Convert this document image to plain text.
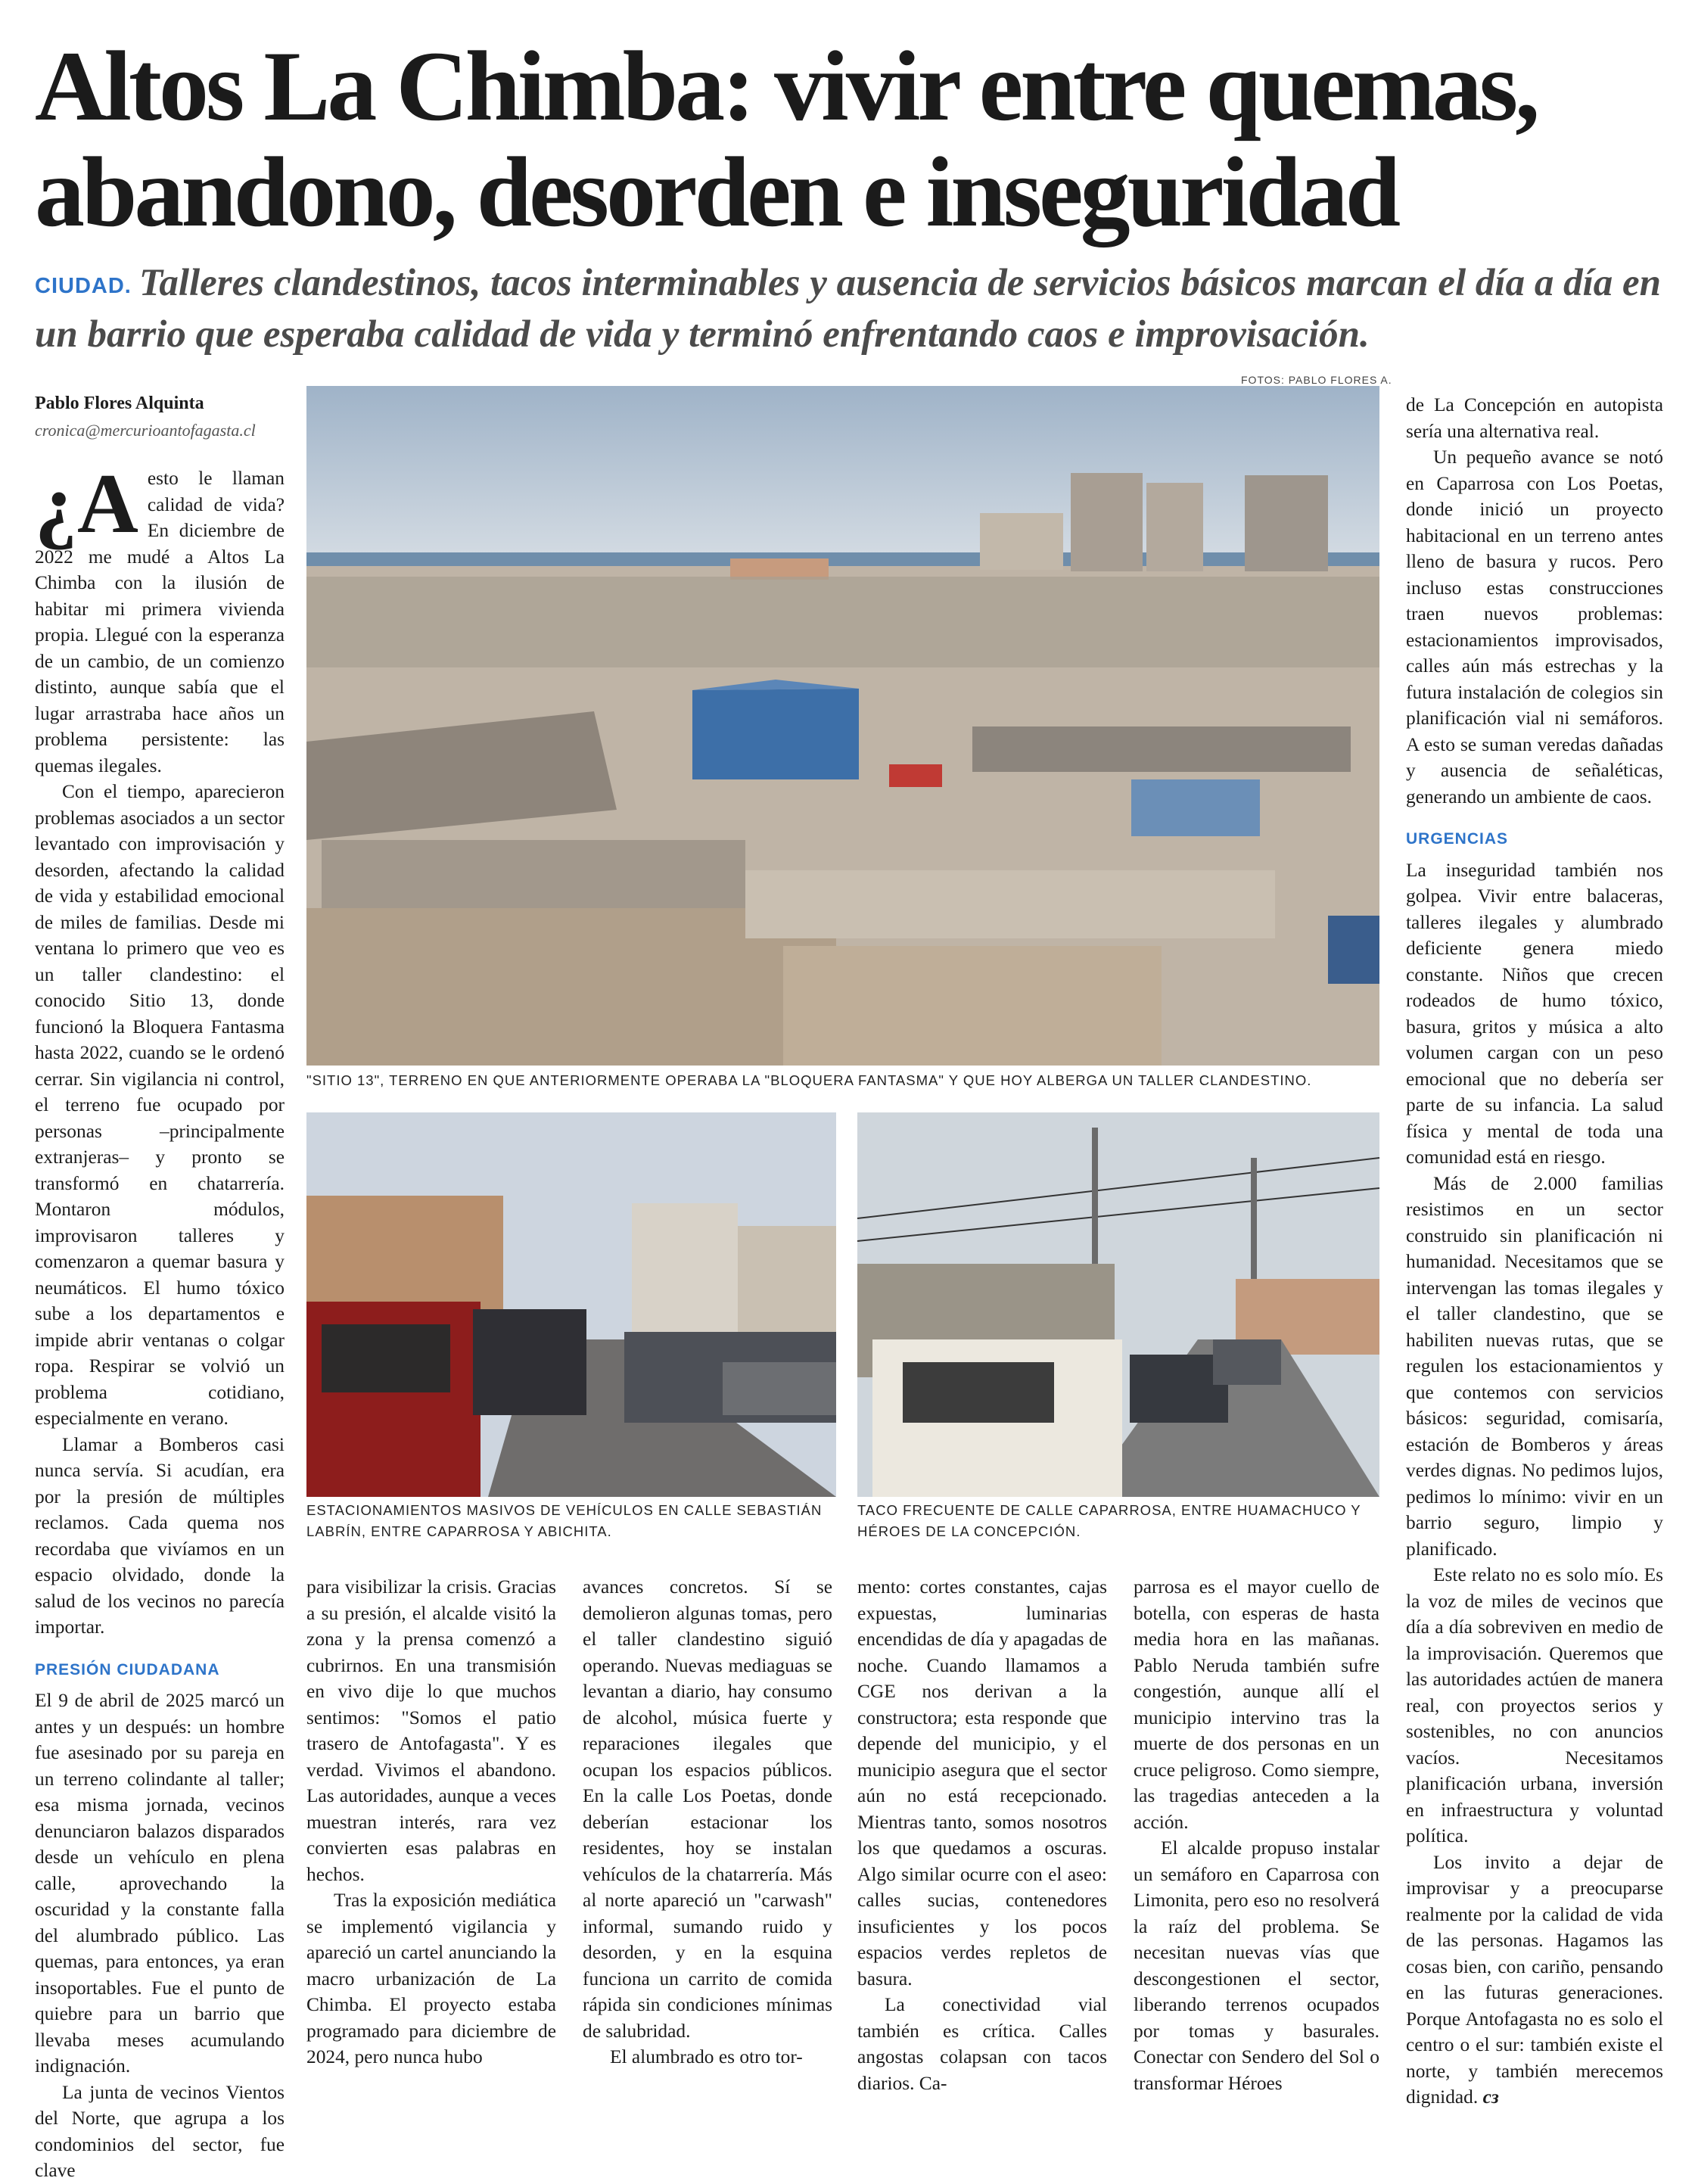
Altos La Chimba: vivir entre quemas, abandono, desorden e inseguridad
CIUDAD. Talleres clandestinos, tacos interminables y ausencia de servicios básicos marcan el día a día en un barrio que esperaba calidad de vida y terminó enfrentando caos e improvisación.
Pablo Flores Alquinta
cronica@mercurioantofagasta.cl
FOTOS: PABLO FLORES A.
"SITIO 13", TERRENO EN QUE ANTERIORMENTE OPERABA LA "BLOQUERA FANTASMA" Y QUE HOY ALBERGA UN TALLER CLANDESTINO.
ESTACIONAMIENTOS MASIVOS DE VEHÍCULOS EN CALLE SEBASTIÁN LABRÍN, ENTRE CAPARROSA Y ABICHITA.
TACO FRECUENTE DE CALLE CAPARROSA, ENTRE HUAMACHUCO Y HÉROES DE LA CONCEPCIÓN.

¿A esto le llaman calidad de vida? En diciembre de 2022 me mudé a Altos La Chimba con la ilusión de habitar mi primera vivienda propia. Llegué con la esperanza de un cambio, de un comienzo distinto, aunque sabía que el lugar arrastraba hace años un problema persistente: las quemas ilegales.

Con el tiempo, aparecieron problemas asociados a un sector levantado con improvisación y desorden, afectando la calidad de vida y estabilidad emocional de miles de familias. Desde mi ventana lo primero que veo es un taller clandestino: el conocido Sitio 13, donde funcionó la Bloquera Fantasma hasta 2022, cuando se le ordenó cerrar. Sin vigilancia ni control, el terreno fue ocupado por personas –principalmente extranjeras– y pronto se transformó en chatarrería. Montaron módulos, improvisaron talleres y comenzaron a quemar basura y neumáticos. El humo tóxico sube a los departamentos e impide abrir ventanas o colgar ropa. Respirar se volvió un problema cotidiano, especialmente en verano.

Llamar a Bomberos casi nunca servía. Si acudían, era por la presión de múltiples reclamos. Cada quema nos recordaba que vivíamos en un espacio olvidado, donde la salud de los vecinos no parecía importar.

PRESIÓN CIUDADANA

El 9 de abril de 2025 marcó un antes y un después: un hombre fue asesinado por su pareja en un terreno colindante al taller; esa misma jornada, vecinos denunciaron balazos disparados desde un vehículo en plena calle, aprovechando la oscuridad y la constante falla del alumbrado público. Las quemas, para entonces, ya eran insoportables. Fue el punto de quiebre para un barrio que llevaba meses acumulando indignación.

La junta de vecinos Vientos del Norte, que agrupa a los condominios del sector, fue clave

para visibilizar la crisis. Gracias a su presión, el alcalde visitó la zona y la prensa comenzó a cubrirnos. En una transmisión en vivo dije lo que muchos sentimos: "Somos el patio trasero de Antofagasta". Y es verdad. Vivimos el abandono. Las autoridades, aunque a veces muestran interés, rara vez convierten esas palabras en hechos.

Tras la exposición mediática se implementó vigilancia y apareció un cartel anunciando la macro urbanización de La Chimba. El proyecto estaba programado para diciembre de 2024, pero nunca hubo

avances concretos. Sí se demolieron algunas tomas, pero el taller clandestino siguió operando. Nuevas mediaguas se levantan a diario, hay consumo de alcohol, música fuerte y reparaciones ilegales que ocupan los espacios públicos. En la calle Los Poetas, donde deberían estacionar los residentes, hoy se instalan vehículos de la chatarrería. Más al norte apareció un "carwash" informal, sumando ruido y desorden, y en la esquina funciona un carrito de comida rápida sin condiciones mínimas de salubridad.

El alumbrado es otro tor-

mento: cortes constantes, cajas expuestas, luminarias encendidas de día y apagadas de noche. Cuando llamamos a CGE nos derivan a la constructora; esta responde que depende del municipio, y el municipio asegura que el sector aún no está recepcionado. Mientras tanto, somos nosotros los que quedamos a oscuras. Algo similar ocurre con el aseo: calles sucias, contenedores insuficientes y los pocos espacios verdes repletos de basura.

La conectividad vial también es crítica. Calles angostas colapsan con tacos diarios. Ca-

parrosa es el mayor cuello de botella, con esperas de hasta media hora en las mañanas. Pablo Neruda también sufre congestión, aunque allí el municipio intervino tras la muerte de dos personas en un cruce peligroso. Como siempre, las tragedias anteceden a la acción.

El alcalde propuso instalar un semáforo en Caparrosa con Limonita, pero eso no resolverá la raíz del problema. Se necesitan nuevas vías que descongestionen el sector, liberando terrenos ocupados por tomas y basurales. Conectar con Sendero del Sol o transformar Héroes

de La Concepción en autopista sería una alternativa real.

Un pequeño avance se notó en Caparrosa con Los Poetas, donde inició un proyecto habitacional en un terreno antes lleno de basura y rucos. Pero incluso estas construcciones traen nuevos problemas: estacionamientos improvisados, calles aún más estrechas y la futura instalación de colegios sin planificación vial ni semáforos. A esto se suman veredas dañadas y ausencia de señaléticas, generando un ambiente de caos.

URGENCIAS

La inseguridad también nos golpea. Vivir entre balaceras, talleres ilegales y alumbrado deficiente genera miedo constante. Niños que crecen rodeados de humo tóxico, basura, gritos y música a alto volumen cargan con un peso emocional que no debería ser parte de su infancia. La salud física y mental de toda una comunidad está en riesgo.

Más de 2.000 familias resistimos en un sector construido sin planificación ni humanidad. Necesitamos que se intervengan las tomas ilegales y el taller clandestino, que se habiliten nuevas rutas, que se regulen los estacionamientos y que contemos con servicios básicos: seguridad, comisaría, estación de Bomberos y áreas verdes dignas. No pedimos lujos, pedimos lo mínimo: vivir en un barrio seguro, limpio y planificado.

Este relato no es solo mío. Es la voz de miles de vecinos que día a día sobreviven en medio de la improvisación. Queremos que las autoridades actúen de manera real, con proyectos serios y sostenibles, no con anuncios vacíos. Necesitamos planificación urbana, inversión en infraestructura y voluntad política.

Los invito a dejar de improvisar y a preocuparse realmente por la calidad de vida de las personas. Hagamos las cosas bien, con cariño, pensando en las futuras generaciones. Porque Antofagasta no es solo el centro o el sur: también existe el norte, y también merecemos dignidad. cз
